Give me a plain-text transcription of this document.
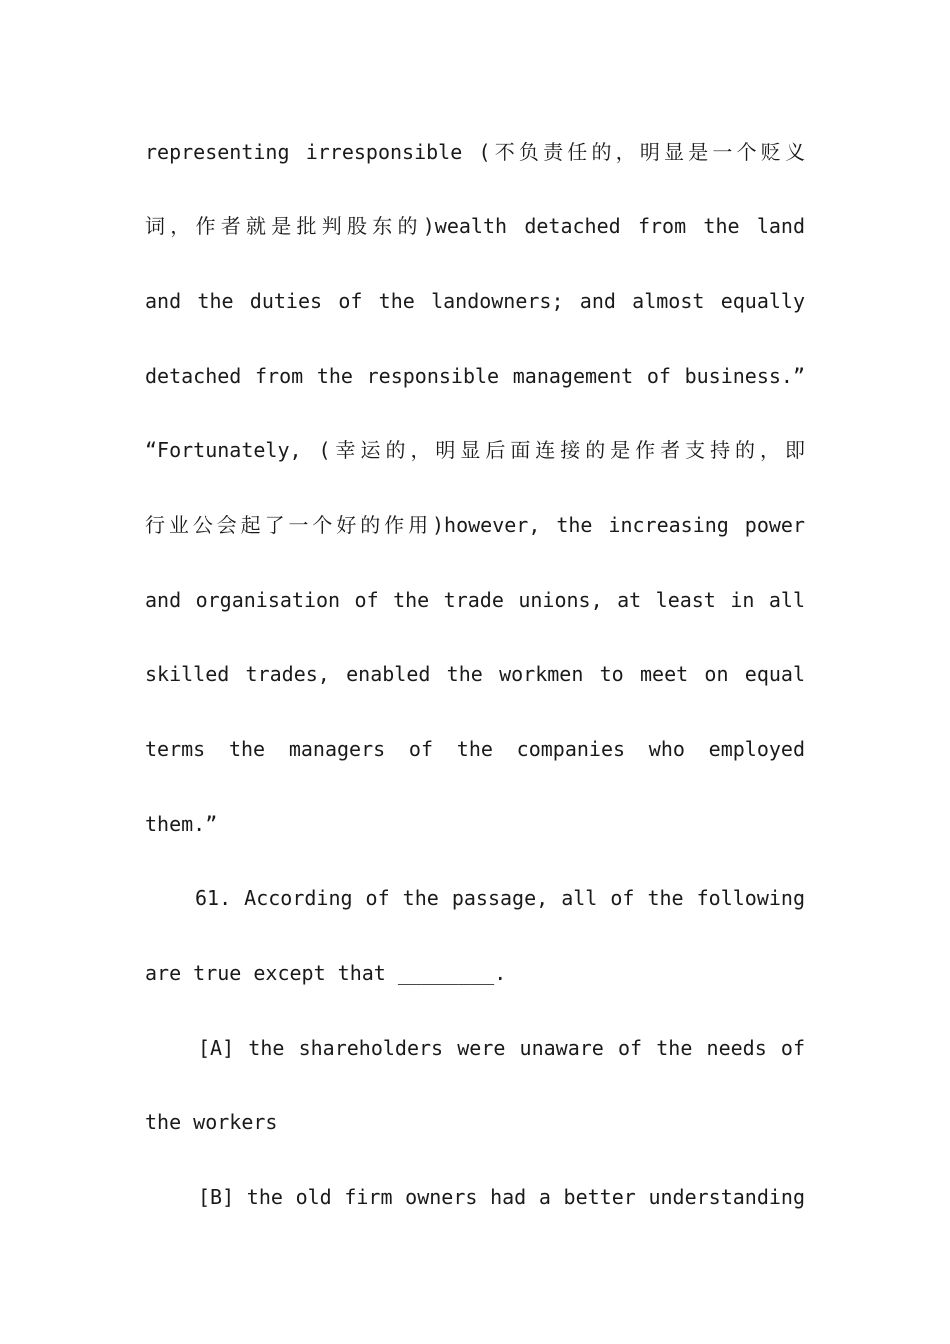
representing irresponsible (不负责任的，明显是一个贬义
词，作者就是批判股东的)wealth detached from the land
and the duties of the landowners; and almost equally
detached from the responsible management of business.”
“Fortunately, (幸运的，明显后面连接的是作者支持的，即
行业公会起了一个好的作用)however, the increasing power
and organisation of the trade unions, at least in all
skilled trades, enabled the workmen to meet on equal
terms the managers of the companies who employed
them.”
61. According of the passage, all of the following
are true except that ________.
[A] the shareholders were unaware of the needs of
the workers
[B] the old firm owners had a better understanding
